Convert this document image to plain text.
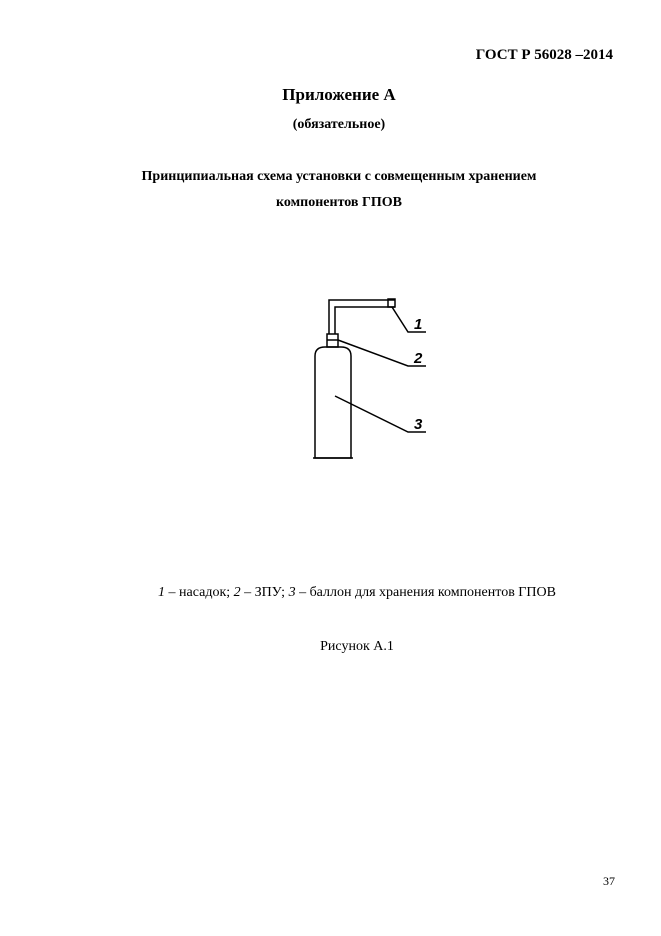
ГОСТ Р 56028 –2014
Приложение А
(обязательное)
Принципиальная схема установки с совмещенным хранением
компонентов ГПОВ
1
2
3
1 – насадок; 2 – ЗПУ; 3 – баллон для хранения компонентов ГПОВ
Рисунок А.1
37
